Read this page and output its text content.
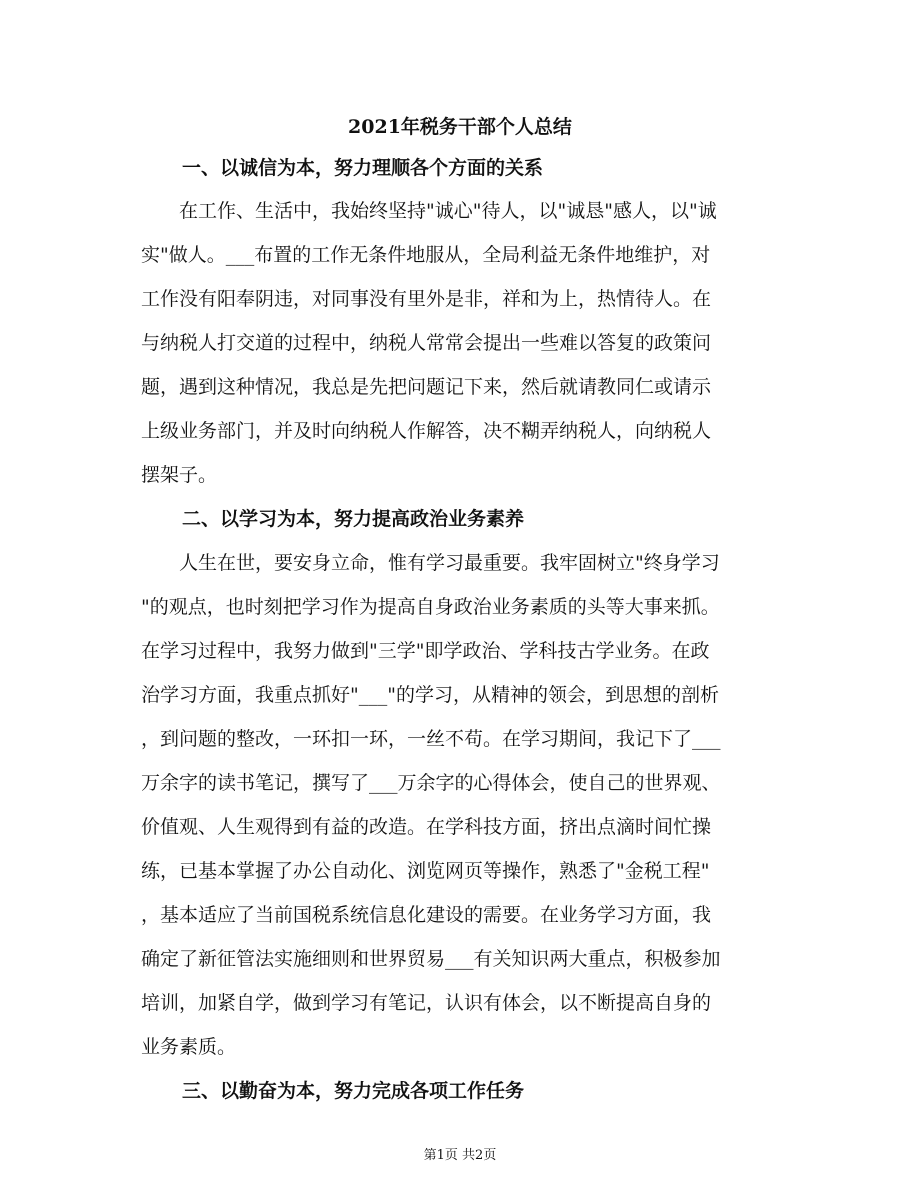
2021年税务干部个人总结
一、以诚信为本，努力理顺各个方面的关系
　　在工作、生活中，我始终坚持"诚心"待人，以"诚恳"感人，以"诚
实"做人。___布置的工作无条件地服从，全局利益无条件地维护，对
工作没有阳奉阴违，对同事没有里外是非，祥和为上，热情待人。在
与纳税人打交道的过程中，纳税人常常会提出一些难以答复的政策问
题，遇到这种情况，我总是先把问题记下来，然后就请教同仁或请示
上级业务部门，并及时向纳税人作解答，决不糊弄纳税人，向纳税人
摆架子。
二、以学习为本，努力提高政治业务素养
　　人生在世，要安身立命，惟有学习最重要。我牢固树立"终身学习
"的观点，也时刻把学习作为提高自身政治业务素质的头等大事来抓。
在学习过程中，我努力做到"三学"即学政治、学科技古学业务。在政
治学习方面，我重点抓好"___"的学习，从精神的领会，到思想的剖析
，到问题的整改，一环扣一环，一丝不苟。在学习期间，我记下了___
万余字的读书笔记，撰写了___万余字的心得体会，使自己的世界观、
价值观、人生观得到有益的改造。在学科技方面，挤出点滴时间忙操
练，已基本掌握了办公自动化、浏览网页等操作，熟悉了"金税工程"
，基本适应了当前国税系统信息化建设的需要。在业务学习方面，我
确定了新征管法实施细则和世界贸易___有关知识两大重点，积极参加
培训，加紧自学，做到学习有笔记，认识有体会，以不断提高自身的
业务素质。
三、以勤奋为本，努力完成各项工作任务
第1页 共2页
